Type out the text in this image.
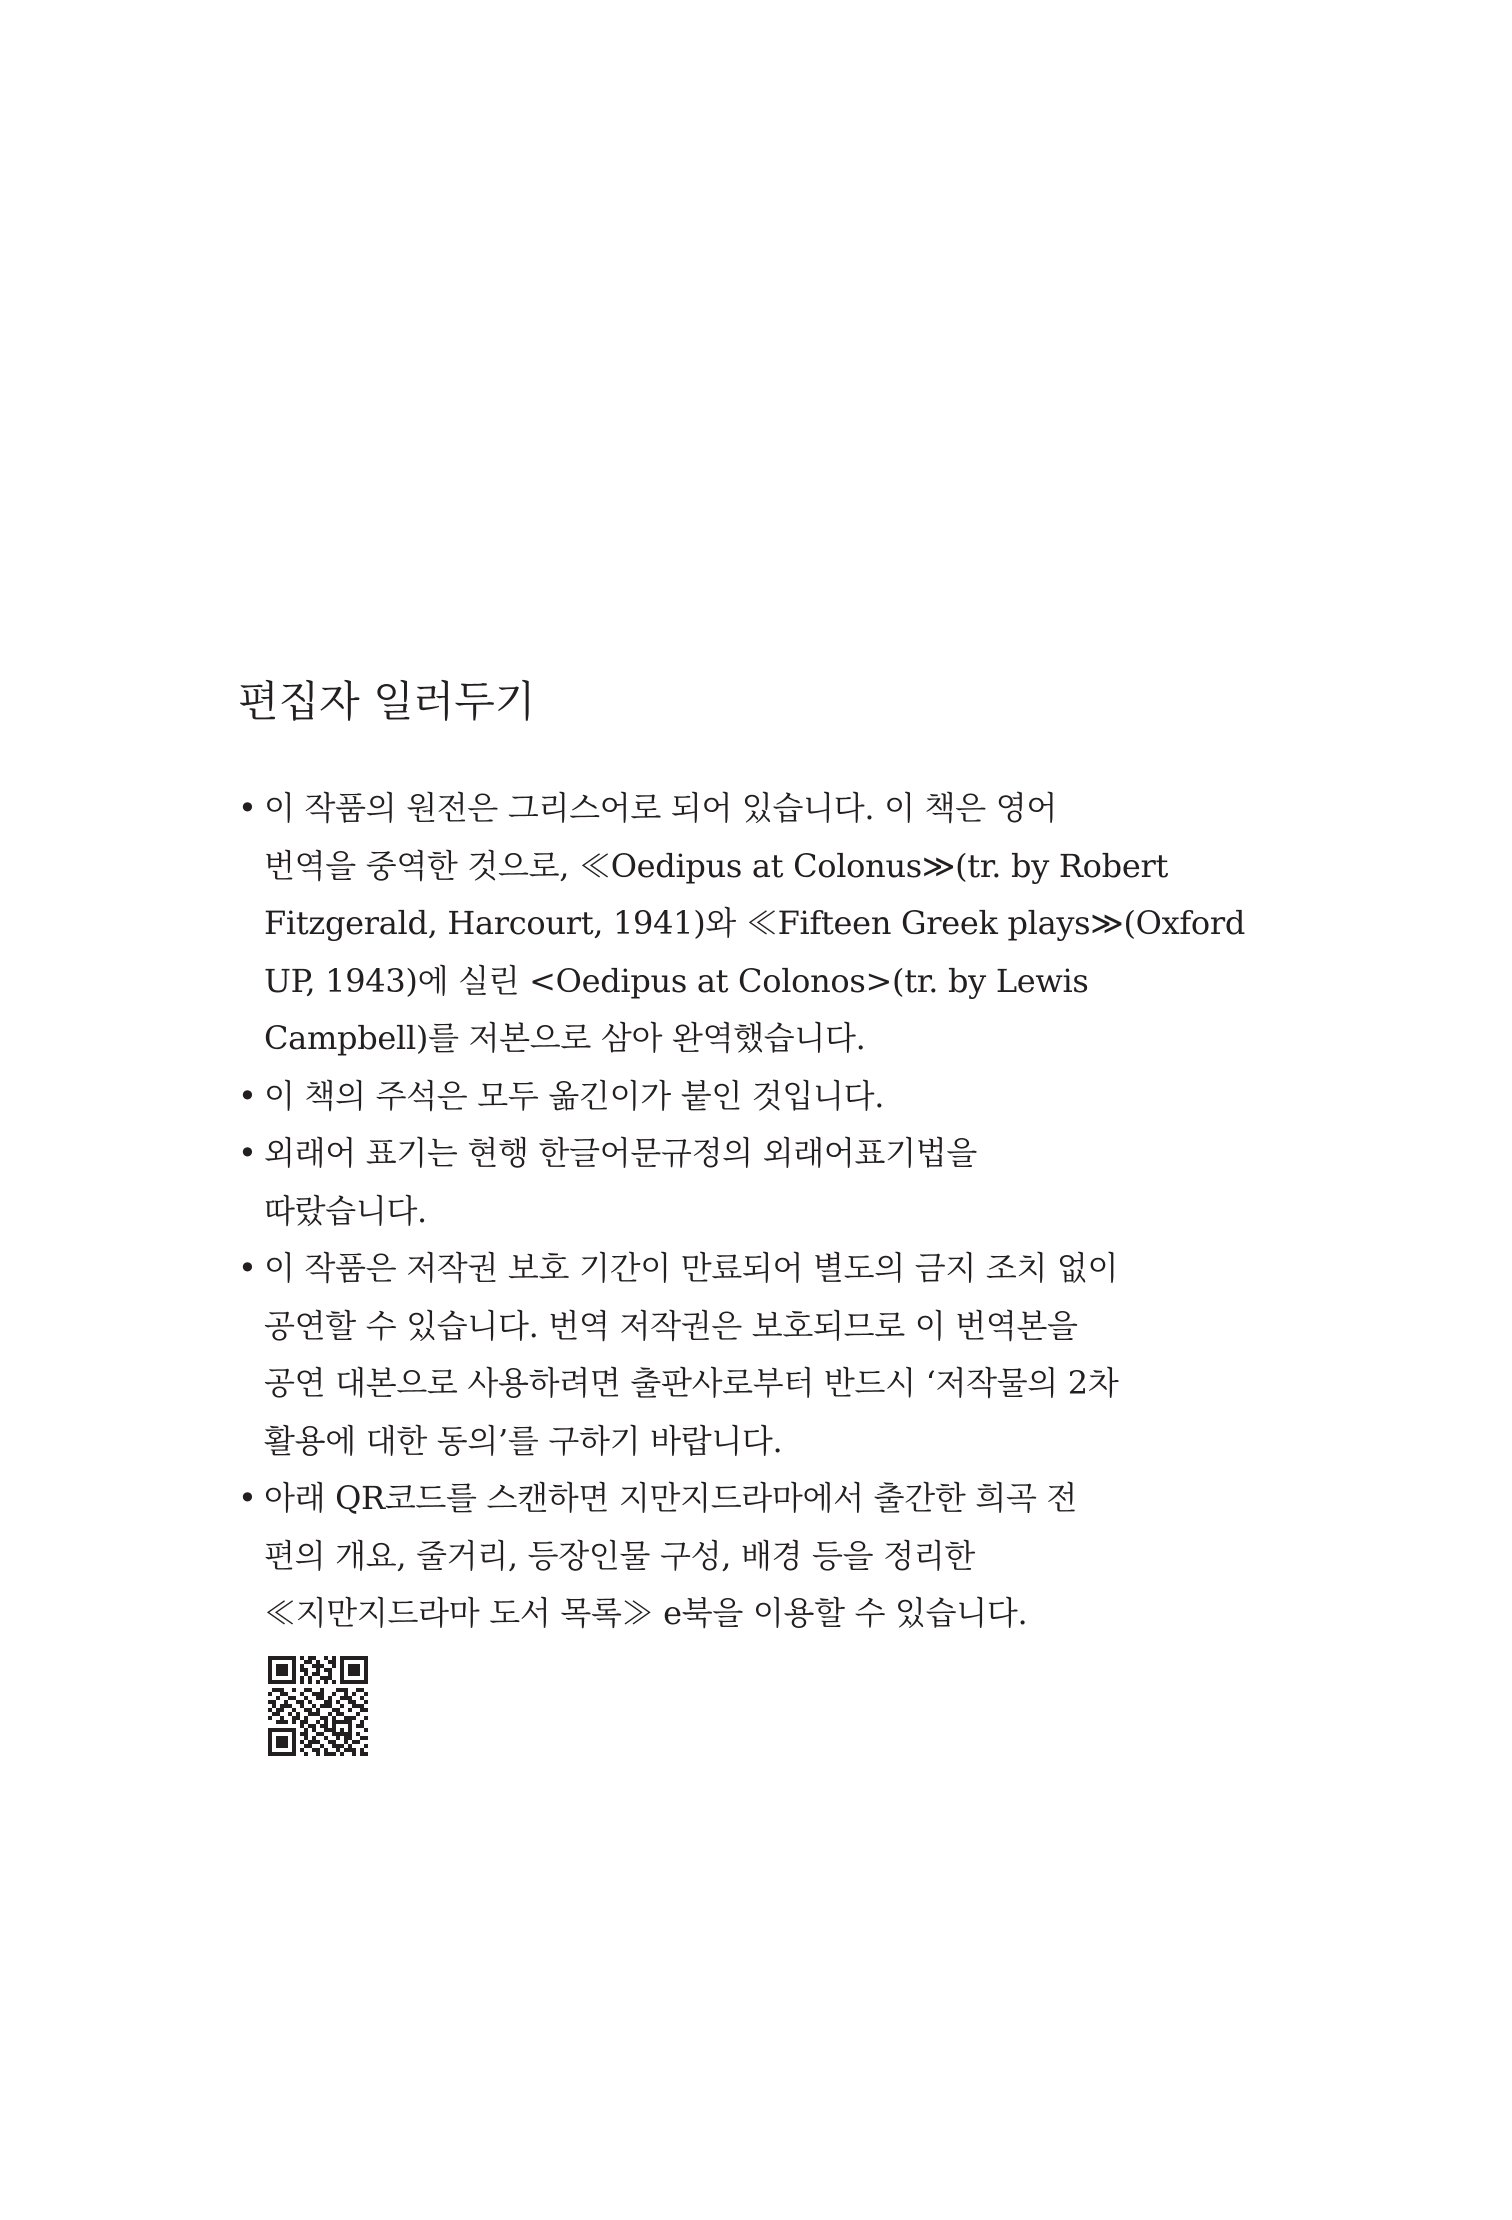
편집자 일러두기
• 이 작품의 원전은 그리스어로 되어 있습니다. 이 책은 영어
번역을 중역한 것으로, ≪Oedipus at Colonus≫(tr. by Robert
Fitzgerald, Harcourt, 1941)와 ≪Fifteen Greek plays≫(Oxford
UP, 1943)에 실린 <Oedipus at Colonos>(tr. by Lewis
Campbell)를 저본으로 삼아 완역했습니다.
• 이 책의 주석은 모두 옮긴이가 붙인 것입니다.
• 외래어 표기는 현행 한글어문규정의 외래어표기법을
따랐습니다.
• 이 작품은 저작권 보호 기간이 만료되어 별도의 금지 조치 없이
공연할 수 있습니다. 번역 저작권은 보호되므로 이 번역본을
공연 대본으로 사용하려면 출판사로부터 반드시 ‘저작물의 2차
활용에 대한 동의’를 구하기 바랍니다.
• 아래 QR코드를 스캔하면 지만지드라마에서 출간한 희곡 전
편의 개요, 줄거리, 등장인물 구성, 배경 등을 정리한
≪지만지드라마 도서 목록≫ e북을 이용할 수 있습니다.
